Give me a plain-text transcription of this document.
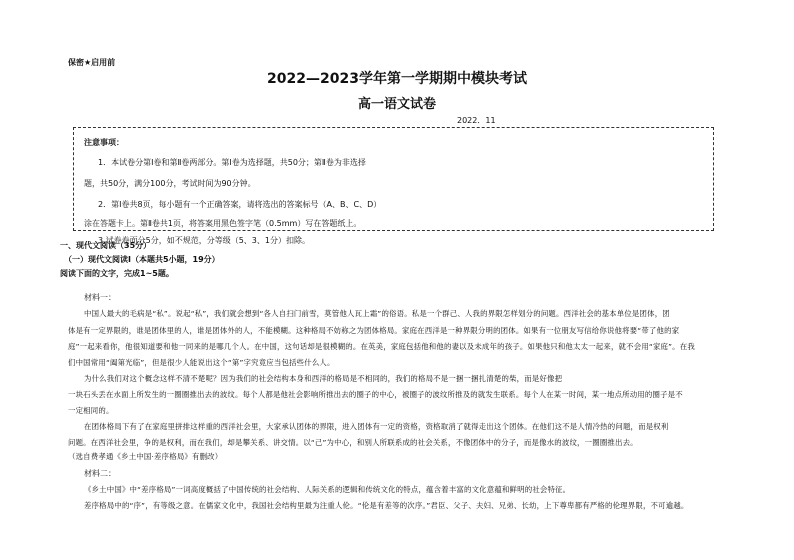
保密★启用前
2022—2023学年第一学期期中模块考试
高一语文试卷
2022．11
注意事项：
1．本试卷分第Ⅰ卷和第Ⅱ卷两部分。第Ⅰ卷为选择题，共50分；第Ⅱ卷为非选择
题，共50分，满分100分，考试时间为90分钟。
2．第Ⅰ卷共8页，每小题有一个正确答案，请将选出的答案标号（A、B、C、D）
涂在答题卡上。第Ⅱ卷共1页，将答案用黑色签字笔（0.5mm）写在答题纸上。
3.试卷卷面分5分，如不规范，分等级（5、3、1分）扣除。
一、现代文阅读（35分）
（一）现代文阅读Ⅰ（本题共5小题，19分）
阅读下面的文字，完成1~5题。
材料一：
中国人最大的毛病是“私”。说起“私”，我们就会想到“各人自扫门前雪，莫管他人瓦上霜”的俗语。私是一个群己、人我的界限怎样划分的问题。西洋社会的基本单位是团体，团
体是有一定界限的，谁是团体里的人，谁是团体外的人，不能模糊。这种格局不妨称之为团体格局。家庭在西洋是一种界限分明的团体。如果有一位朋友写信给你说他将要“带了他的家
庭”一起来看你，他很知道要和他一同来的是哪几个人。在中国，这句话却是很模糊的。在英美，家庭包括他和他的妻以及未成年的孩子。如果他只和他太太一起来，就不会用“家庭”。在我
们中国常用“阖第光临”，但是很少人能说出这个“第”字究竟应当包括些什么人。
为什么我们对这个概念这样不清不楚呢？因为我们的社会结构本身和西洋的格局是不相同的，我们的格局不是一捆一捆扎清楚的柴，而是好像把
一块石头丢在水面上所发生的一圈圈推出去的波纹。每个人都是他社会影响所推出去的圈子的中心，被圈子的波纹所推及的就发生联系。每个人在某一时间，某一地点所动用的圈子是不
一定相同的。
在团体格局下有了在家庭里拼排这样重的西洋社会里，大家承认团体的界限，进入团体有一定的资格，资格取消了就得走出这个团体。在他们这不是人情冷热的问题，而是权利
问题。在西洋社会里，争的是权利，而在我们，却是攀关系、讲交情。以“己”为中心，和别人所联系成的社会关系，不像团体中的分子，而是像水的波纹，一圈圈推出去。
（选自费孝通《乡土中国·差序格局》有删改）
材料二：
《乡土中国》中“差序格局”一词高度概括了中国传统的社会结构、人际关系的逻辑和传统文化的特点，蕴含着丰富的文化意蕴和鲜明的社会特征。
差序格局中的“序”，有等级之意。在儒家文化中，我国社会结构里最为注重人伦。“伦是有差等的次序。”君臣、父子、夫妇、兄弟、长幼，上下尊卑都有严格的伦理界限，不可逾越。
